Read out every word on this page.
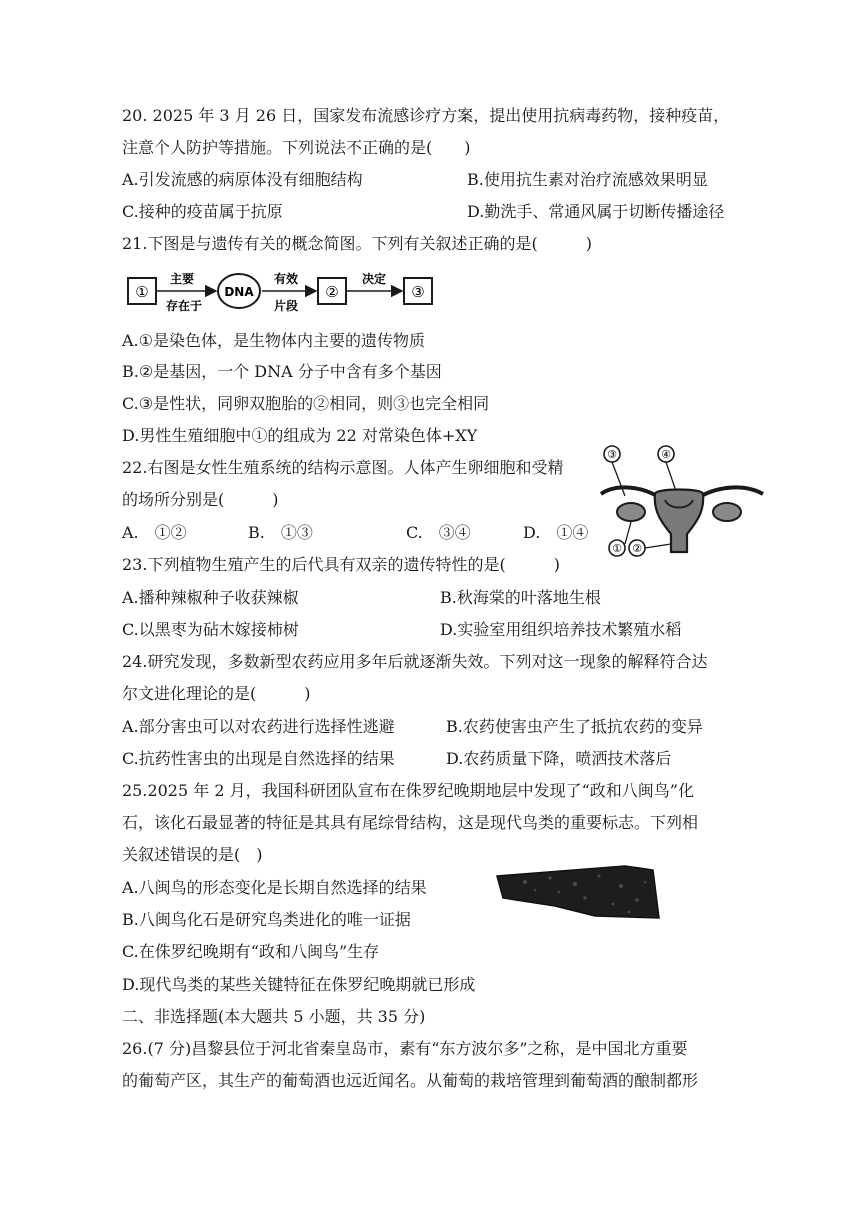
20. 2025 年 3 月 26 日，国家发布流感诊疗方案，提出使用抗病毒药物，接种疫苗，
注意个人防护等措施。下列说法不正确的是(　　)
A.引发流感的病原体没有细胞结构	B.使用抗生素对治疗流感效果明显
C.接种的疫苗属于抗原	D.勤洗手、常通风属于切断传播途径
21.下图是与遗传有关的概念简图。下列有关叙述正确的是(　　　)
①
主要
存在于
DNA
有效
片段
②
决定
③
A.①是染色体，是生物体内主要的遗传物质
B.②是基因，一个 DNA 分子中含有多个基因
C.③是性状，同卵双胞胎的②相同，则③也完全相同
D.男性生殖细胞中①的组成为 22 对常染色体+XY
22.右图是女性生殖系统的结构示意图。人体产生卵细胞和受精
的场所分别是(　　　)
A.　①②	B.　①③	C.　③④	D.　①④
③	④
① ②
23.下列植物生殖产生的后代具有双亲的遗传特性的是(　　　)
A.播种辣椒种子收获辣椒	B.秋海棠的叶落地生根
C.以黑枣为砧木嫁接柿树	D.实验室用组织培养技术繁殖水稻
24.研究发现，多数新型农药应用多年后就逐渐失效。下列对这一现象的解释符合达
尔文进化理论的是(　　　)
A.部分害虫可以对农药进行选择性逃避	B.农药使害虫产生了抵抗农药的变异
C.抗药性害虫的出现是自然选择的结果	D.农药质量下降，喷洒技术落后
25.2025 年 2 月，我国科研团队宣布在侏罗纪晚期地层中发现了“政和八闽鸟”化
石，该化石最显著的特征是其具有尾综骨结构，这是现代鸟类的重要标志。下列相
关叙述错误的是(　)
A.八闽鸟的形态变化是长期自然选择的结果
B.八闽鸟化石是研究鸟类进化的唯一证据
C.在侏罗纪晚期有“政和八闽鸟”生存
D.现代鸟类的某些关键特征在侏罗纪晚期就已形成
二、非选择题(本大题共 5 小题，共 35 分)
26.(7 分)昌黎县位于河北省秦皇岛市，素有“东方波尔多”之称，是中国北方重要
的葡萄产区，其生产的葡萄酒也远近闻名。从葡萄的栽培管理到葡萄酒的酿制都形
